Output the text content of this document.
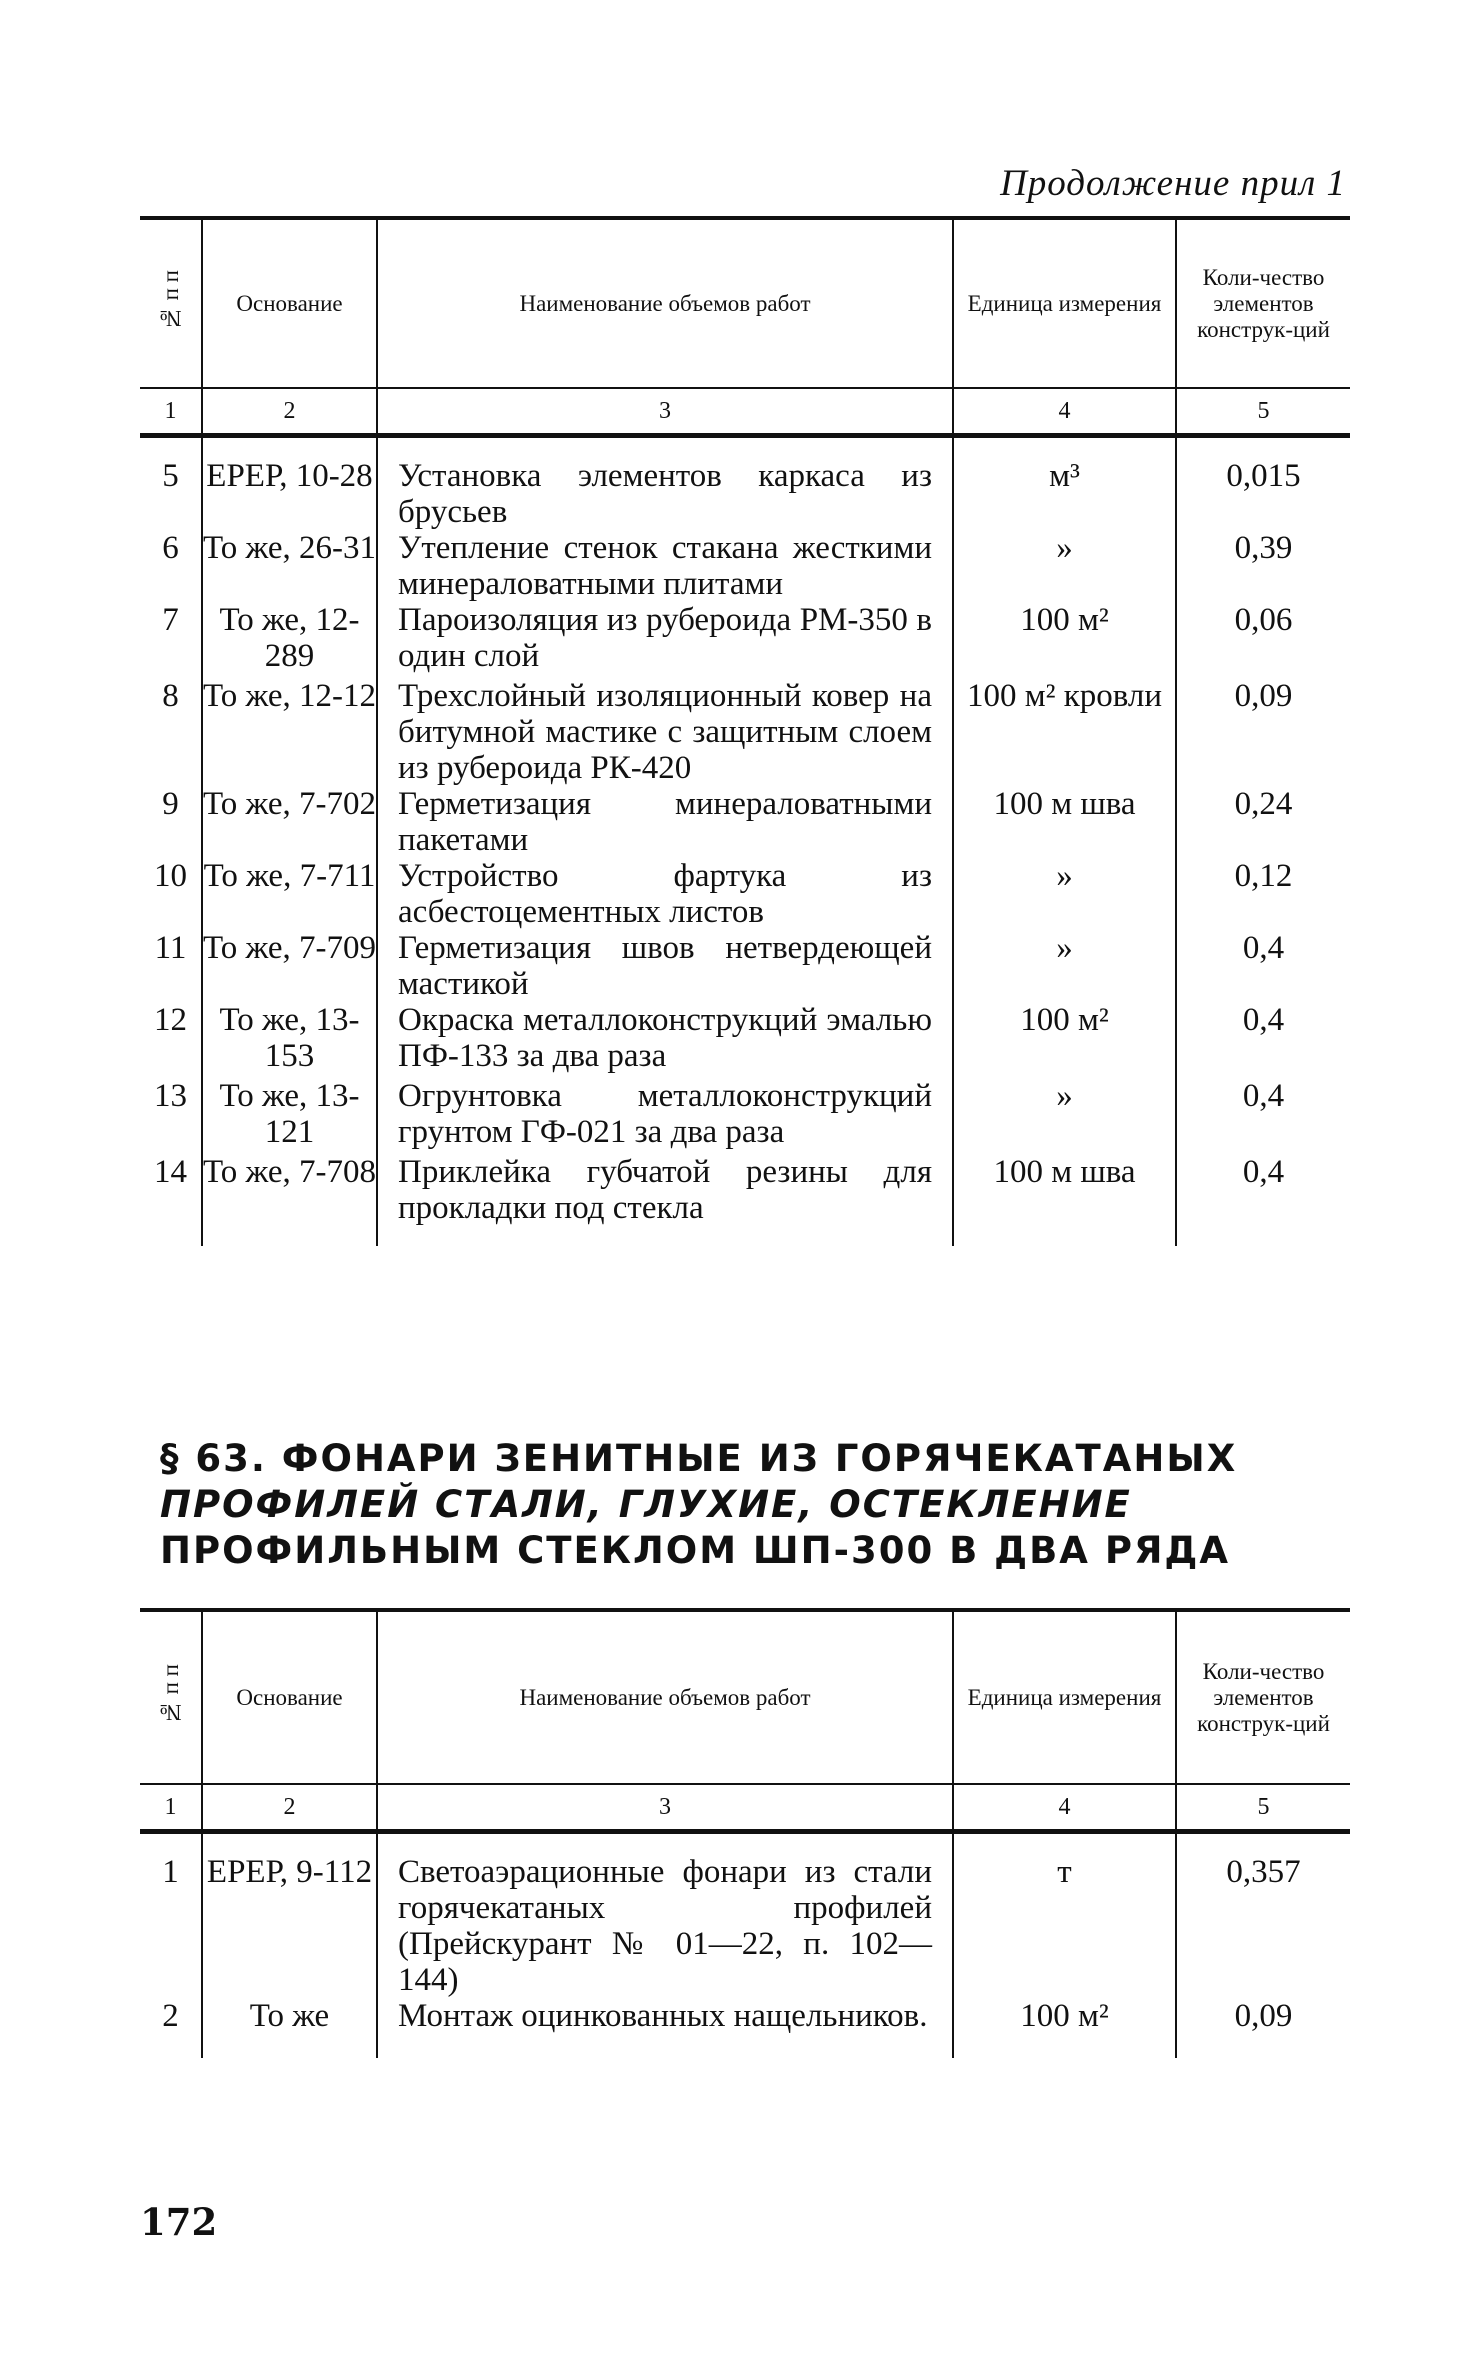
Продолжение прил 1

№ п п	Основание	Наименование объемов работ	Единица измерения	Коли-чество элементов конструк-ций
1	2	3	4	5

5	ЕРЕР, 10-28	Установка элементов каркаса из брусьев	м³	0,015
6	То же, 26-31	Утепление стенок стакана жесткими минераловатными плитами	»	0,39
7	То же, 12-289	Пароизоляция из рубероида РМ-350 в один слой	100 м²	0,06
8	То же, 12-12	Трехслойный изоляционный ковер на битумной мастике с защитным слоем из рубероида РК-420	100 м² кровли	0,09
9	То же, 7-702	Герметизация минераловатными пакетами	100 м шва	0,24
10	То же, 7-711	Устройство фартука из асбестоцементных листов	»	0,12
11	То же, 7-709	Герметизация швов нетвердеющей мастикой	»	0,4
12	То же, 13-153	Окраска металлоконструкций эмалью ПФ-133 за два раза	100 м²	0,4
13	То же, 13-121	Огрунтовка металлоконструкций грунтом ГФ-021 за два раза	»	0,4
14	То же, 7-708	Приклейка губчатой резины для прокладки под стекла	100 м шва	0,4

§ 63. ФОНАРИ ЗЕНИТНЫЕ ИЗ ГОРЯЧЕКАТАНЫХ
ПРОФИЛЕЙ СТАЛИ, ГЛУХИЕ, ОСТЕКЛЕНИЕ
ПРОФИЛЬНЫМ СТЕКЛОМ ШП-300 В ДВА РЯДА

№ п п	Основание	Наименование объемов работ	Единица измерения	Коли-чество элементов конструк-ций
1	2	3	4	5

1	ЕРЕР, 9-112	Светоаэрационные фонари из стали горячекатаных профилей (Прейскурант № 01—22, п. 102—144)	т	0,357
2	То же	Монтаж оцинкованных нащельников.	100 м²	0,09

172
